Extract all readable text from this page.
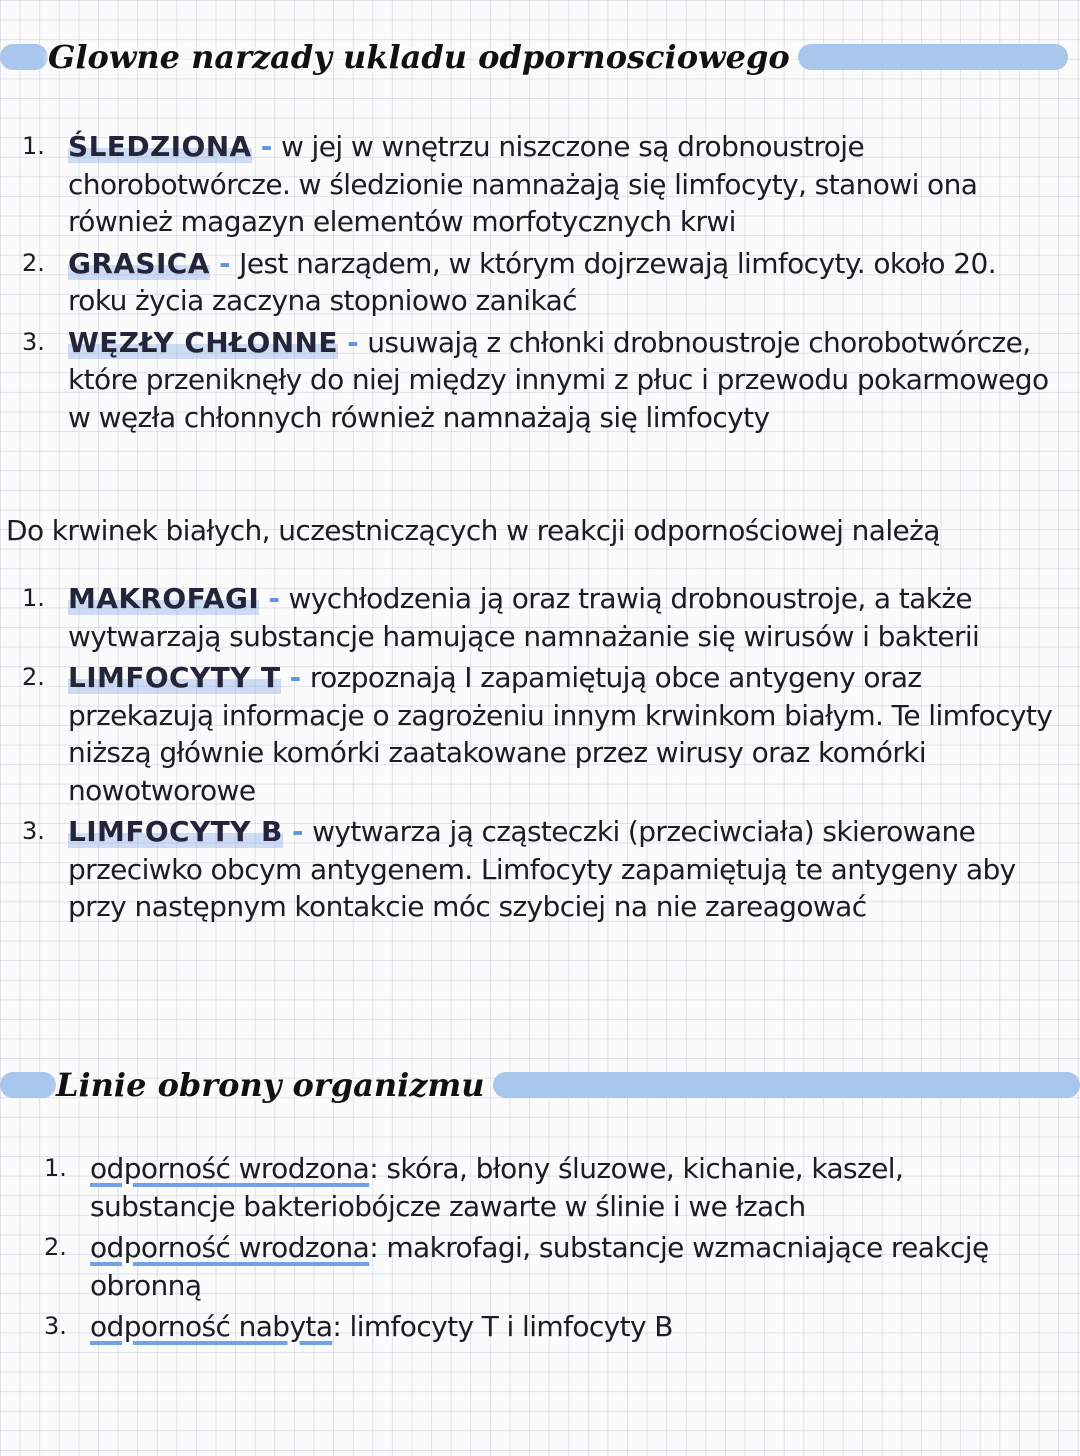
Glowne narzady ukladu odpornosciowego
1. ŚLEDZIONA - w jej w wnętrzu niszczone są drobnoustroje chorobotwórcze. w śledzionie namnażają się limfocyty, stanowi ona również magazyn elementów morfotycznych krwi
2. GRASICA - Jest narządem, w którym dojrzewają limfocyty. około 20. roku życia zaczyna stopniowo zanikać
3. WĘZŁY CHŁONNE - usuwają z chłonki drobnoustroje chorobotwórcze, które przeniknęły do niej między innymi z płuc i przewodu pokarmowego w węzła chłonnych również namnażają się limfocyty
Do krwinek białych, uczestniczących w reakcji odpornościowej należą
1. MAKROFAGI - wychłodzenia ją oraz trawią drobnoustroje, a także wytwarzają substancje hamujące namnażanie się wirusów i bakterii
2. LIMFOCYTY T - rozpoznają I zapamiętują obce antygeny oraz przekazują informacje o zagrożeniu innym krwinkom białym. Te limfocyty niższą głównie komórki zaatakowane przez wirusy oraz komórki nowotworowe
3. LIMFOCYTY B - wytwarza ją cząsteczki (przeciwciała) skierowane przeciwko obcym antygenem. Limfocyty zapamiętują te antygeny aby przy następnym kontakcie móc szybciej na nie zareagować
Linie obrony organizmu
1. odporność wrodzona: skóra, błony śluzowe, kichanie, kaszel, substancje bakteriobójcze zawarte w ślinie i we łzach
2. odporność wrodzona: makrofagi, substancje wzmacniające reakcję obronną
3. odporność nabyta: limfocyty T i limfocyty B
